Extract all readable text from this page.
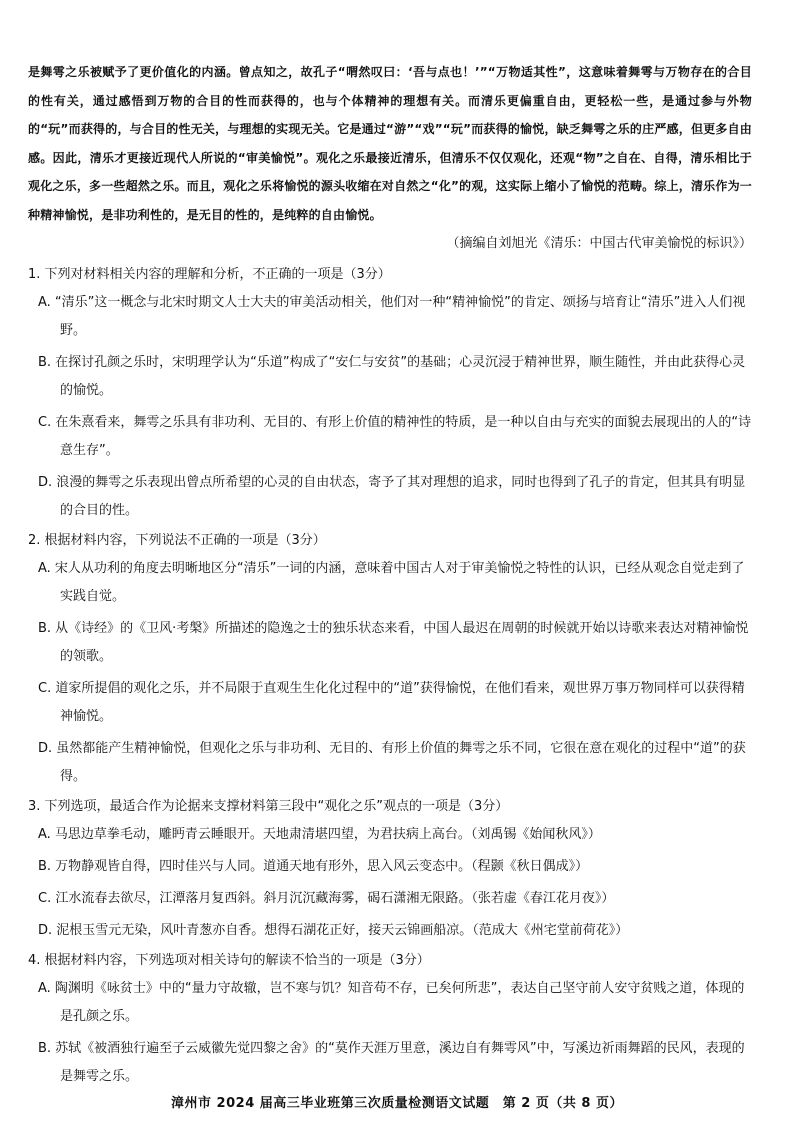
是舞雩之乐被赋予了更价值化的内涵。曾点知之，故孔子“喟然叹曰：‘吾与点也！’”“万物适其性”，这意味着舞雩与万物存在的合目的性有关，通过感悟到万物的合目的性而获得的，也与个体精神的理想有关。而清乐更偏重自由，更轻松一些，是通过参与外物的“玩”而获得的，与合目的性无关，与理想的实现无关。它是通过“游”“戏”“玩”而获得的愉悦，缺乏舞雩之乐的庄严感，但更多自由感。因此，清乐才更接近现代人所说的“审美愉悦”。观化之乐最接近清乐，但清乐不仅仅观化，还观“物”之自在、自得，清乐相比于观化之乐，多一些超然之乐。而且，观化之乐将愉悦的源头收缩在对自然之“化”的观，这实际上缩小了愉悦的范畴。综上，清乐作为一种精神愉悦，是非功利性的，是无目的性的，是纯粹的自由愉悦。

（摘编自刘旭光《清乐：中国古代审美愉悦的标识》）

1. 下列对材料相关内容的理解和分析，不正确的一项是（3分）

A. “清乐”这一概念与北宋时期文人士大夫的审美活动相关，他们对一种“精神愉悦”的肯定、颂扬与培育让“清乐”进入人们视野。

B. 在探讨孔颜之乐时，宋明理学认为“乐道”构成了“安仁与安贫”的基础；心灵沉浸于精神世界，顺生随性，并由此获得心灵的愉悦。

C. 在朱熹看来，舞雩之乐具有非功利、无目的、有形上价值的精神性的特质，是一种以自由与充实的面貌去展现出的人的“诗意生存”。

D. 浪漫的舞雩之乐表现出曾点所希望的心灵的自由状态，寄予了其对理想的追求，同时也得到了孔子的肯定，但其具有明显的合目的性。

2. 根据材料内容，下列说法不正确的一项是（3分）

A. 宋人从功利的角度去明晰地区分“清乐”一词的内涵，意味着中国古人对于审美愉悦之特性的认识，已经从观念自觉走到了实践自觉。

B. 从《诗经》的《卫风·考槃》所描述的隐逸之士的独乐状态来看，中国人最迟在周朝的时候就开始以诗歌来表达对精神愉悦的领歌。

C. 道家所提倡的观化之乐，并不局限于直观生生化化过程中的“道”获得愉悦，在他们看来，观世界万事万物同样可以获得精神愉悦。

D. 虽然都能产生精神愉悦，但观化之乐与非功利、无目的、有形上价值的舞雩之乐不同，它很在意在观化的过程中“道”的获得。

3. 下列选项，最适合作为论据来支撑材料第三段中“观化之乐”观点的一项是（3分）

A. 马思边草拳毛动，雕眄青云睡眼开。天地肃清堪四望，为君扶病上高台。（刘禹锡《始闻秋风》）

B. 万物静观皆自得，四时佳兴与人同。道通天地有形外，思入风云变态中。（程颢《秋日偶成》）

C. 江水流春去欲尽，江潭落月复西斜。斜月沉沉藏海雾，碣石潇湘无限路。（张若虚《春江花月夜》）

D. 泥根玉雪元无染，风叶青葱亦自香。想得石湖花正好，接天云锦画船凉。（范成大《州宅堂前荷花》）

4. 根据材料内容，下列选项对相关诗句的解读不恰当的一项是（3分）

A. 陶渊明《咏贫士》中的“量力守故辙，岂不寒与饥？知音苟不存，已矣何所悲”，表达自己坚守前人安守贫贱之道，体现的是孔颜之乐。

B. 苏轼《被酒独行遍至子云威徽先觉四黎之舍》的“莫作天涯万里意，溪边自有舞雩风”中，写溪边祈雨舞蹈的民风，表现的是舞雩之乐。

漳州市 2024 届高三毕业班第三次质量检测语文试题　第 2 页（共 8 页）
